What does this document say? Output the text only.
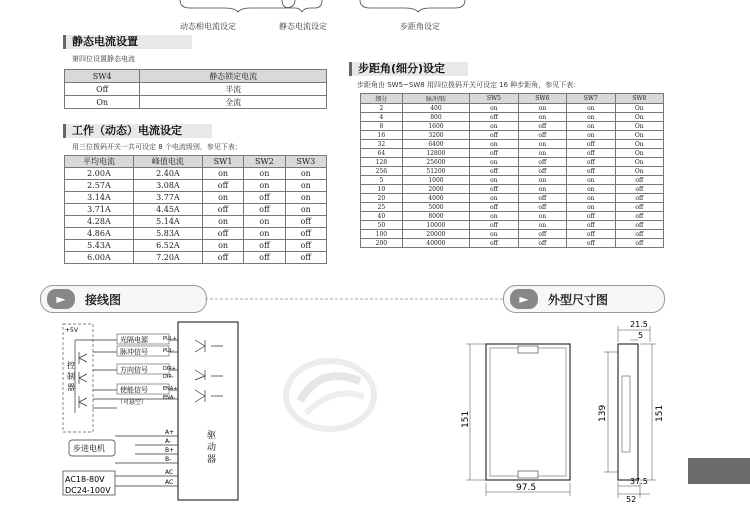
动态相电流设定	静态电流设定	步距角设定
静态电流设置
第四位设置静态电流
SW4	静态锁定电流
Off	半流
On	全流
工作（动态）电流设定
用三位拨码开关一共可设定 8 个电流级别，参见下表：
平均电流	峰值电流	SW1	SW2	SW3
2.00A	2.40A	on	on	on
2.57A	3.08A	off	on	on
3.14A	3.77A	on	off	on
3.71A	4.45A	off	off	on
4.28A	5.14A	on	on	off
4.86A	5.83A	off	on	off
5.43A	6.52A	on	off	off
6.00A	7.20A	off	off	off
步距角(细分)设定
步距角由 SW5~SW8 用四位拨码开关可设定 16 种步距角，参见下表：
细分	脉冲/转	SW5	SW6	SW7	SW8
2	400	on	on	on	On
4	800	off	on	on	On
8	1600	on	off	on	On
16	3200	off	off	on	On
32	6400	on	on	off	On
64	12800	off	on	off	On
128	25600	on	off	off	On
256	51200	off	off	off	On
5	1000	on	on	on	off
10	2000	off	on	on	off
20	4000	on	off	on	off
25	5000	off	off	on	off
40	8000	on	on	off	off
50	10000	off	on	off	off
100	20000	on	off	off	off
200	40000	off	off	off	off
►	接线图	►	外型尺寸图
+5V
光隔电源
脉冲信号
方向信号
使能信号
（可悬空）
控
制
器
PUL+
PUL-
DIR+
DIR-
ENA+
ENA-
驱
动
器
A+
A-
B+
B-
步进电机
AC
AC
AC18-80V
DC24-100V
151
97.5
21.5
5
139	151
37.5
52
